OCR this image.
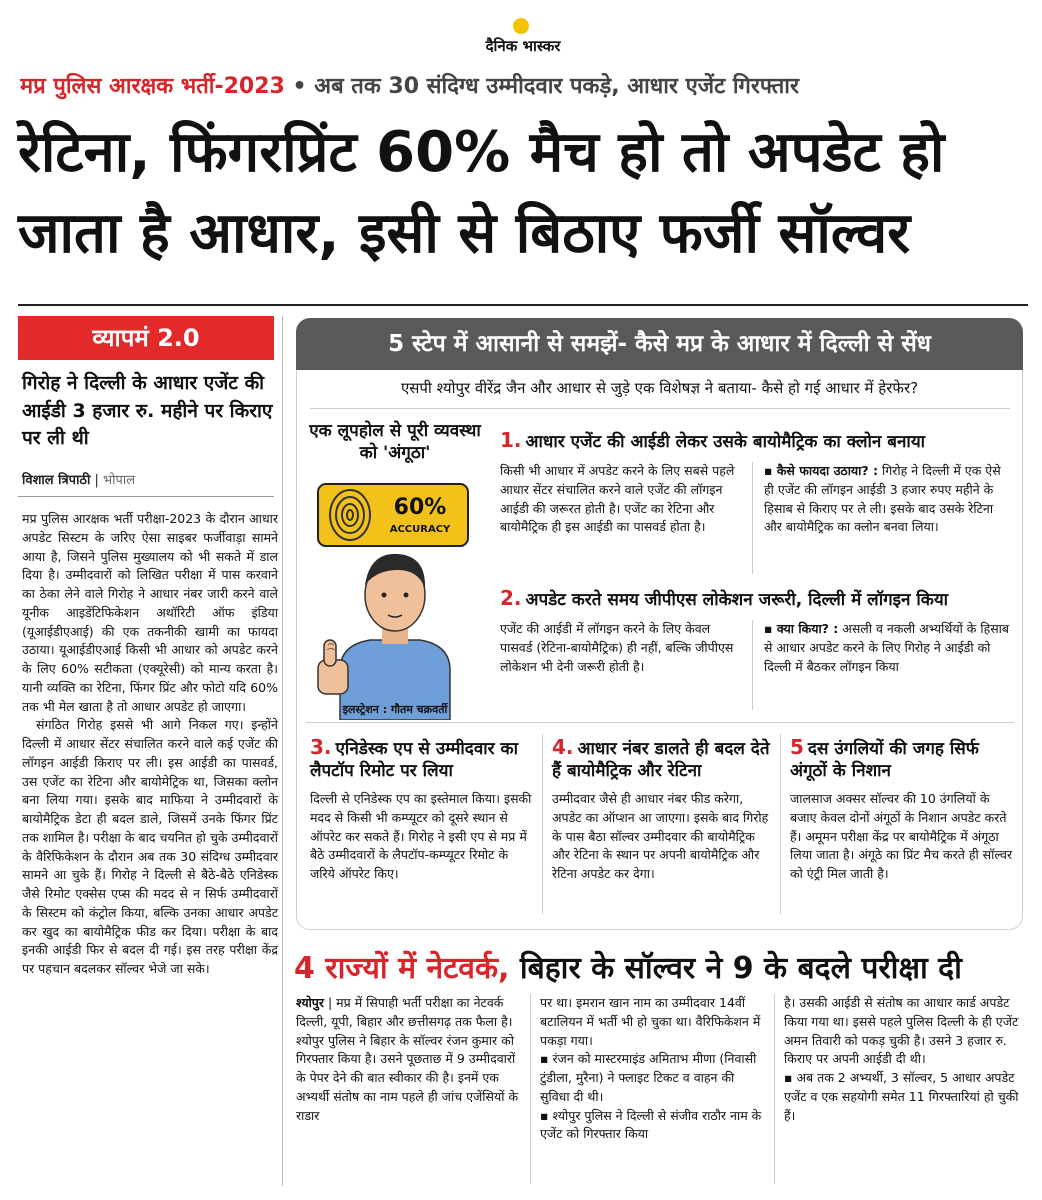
दैनिक भास्कर
मप्र पुलिस आरक्षक भर्ती-2023 • अब तक 30 संदिग्ध उम्मीदवार पकड़े, आधार एजेंट गिरफ्तार
रेटिना, फिंगरप्रिंट 60% मैच हो तो अपडेट हो
जाता है आधार, इसी से बिठाए फर्जी सॉल्वर
व्यापमं 2.0
गिरोह ने दिल्ली के आधार एजेंट की आईडी 3 हजार रु. महीने पर किराए पर ली थी
विशाल त्रिपाठी | भोपाल

मप्र पुलिस आरक्षक भर्ती परीक्षा-2023 के दौरान आधार अपडेट सिस्टम के जरिए ऐसा साइबर फर्जीवाड़ा सामने आया है, जिसने पुलिस मुख्यालय को भी सकते में डाल दिया है। उम्मीदवारों को लिखित परीक्षा में पास करवाने का ठेका लेने वाले गिरोह ने आधार नंबर जारी करने वाले यूनीक आइडेंटिफिकेशन अथॉरिटी ऑफ इंडिया (यूआईडीएआई) की एक तकनीकी खामी का फायदा उठाया। यूआईडीएआई किसी भी आधार को अपडेट करने के लिए 60% सटीकता (एक्यूरेसी) को मान्य करता है। यानी व्यक्ति का रेटिना, फिंगर प्रिंट और फोटो यदि 60% तक भी मेल खाता है तो आधार अपडेट हो जाएगा।

संगठित गिरोह इससे भी आगे निकल गए। इन्होंने दिल्ली में आधार सेंटर संचालित करने वाले कई एजेंट की लॉगइन आईडी किराए पर ली। इस आईडी का पासवर्ड, उस एजेंट का रेटिना और बायोमेट्रिक था, जिसका क्लोन बना लिया गया। इसके बाद माफिया ने उम्मीदवारों के बायोमैट्रिक डेटा ही बदल डाले, जिसमें उनके फिंगर प्रिंट तक शामिल है। परीक्षा के बाद चयनित हो चुके उम्मीदवारों के वैरिफिकेशन के दौरान अब तक 30 संदिग्ध उम्मीदवार सामने आ चुके हैं। गिरोह ने दिल्ली से बैठे-बैठे एनिडेस्क जैसे रिमोट एक्सेस एप्स की मदद से न सिर्फ उम्मीदवारों के सिस्टम को कंट्रोल किया, बल्कि उनका आधार अपडेट कर खुद का बायोमैट्रिक फीड कर दिया। परीक्षा के बाद इनकी आईडी फिर से बदल दी गई। इस तरह परीक्षा केंद्र पर पहचान बदलकर सॉल्वर भेजे जा सके।

5 स्टेप में आसानी से समझें- कैसे मप्र के आधार में दिल्ली से सेंध
एसपी श्योपुर वीरेंद्र जैन और आधार से जुड़े एक विशेषज्ञ ने बताया- कैसे हो गई आधार में हेरफेर?
एक लूपहोल से पूरी व्यवस्था को 'अंगूठा'
60%
ACCURACY
इलस्ट्रेशन : गौतम चक्रवर्ती
1. आधार एजेंट की आईडी लेकर उसके बायोमैट्रिक का क्लोन बनाया
किसी भी आधार में अपडेट करने के लिए सबसे पहले आधार सेंटर संचालित करने वाले एजेंट की लॉगइन आईडी की जरूरत होती है। एजेंट का रेटिना और बायोमैट्रिक ही इस आईडी का पासवर्ड होता है।
▪ कैसे फायदा उठाया? : गिरोह ने दिल्ली में एक ऐसे ही एजेंट की लॉगइन आईडी 3 हजार रुपए महीने के हिसाब से किराए पर ले ली। इसके बाद उसके रेटिना और बायोमैट्रिक का क्लोन बनवा लिया।
2. अपडेट करते समय जीपीएस लोकेशन जरूरी, दिल्ली में लॉगइन किया
एजेंट की आईडी में लॉगइन करने के लिए केवल पासवर्ड (रेटिना-बायोमैट्रिक) ही नहीं, बल्कि जीपीएस लोकेशन भी देनी जरूरी होती है।
▪ क्या किया? : असली व नकली अभ्यर्थियों के हिसाब से आधार अपडेट करने के लिए गिरोह ने आईडी को दिल्ली में बैठकर लॉगइन किया
3. एनिडेस्क एप से उम्मीदवार का लैपटॉप रिमोट पर लिया
दिल्ली से एनिडेस्क एप का इस्तेमाल किया। इसकी मदद से किसी भी कम्प्यूटर को दूसरे स्थान से ऑपरेट कर सकते हैं। गिरोह ने इसी एप से मप्र में बैठे उम्मीदवारों के लैपटॉप-कम्प्यूटर रिमोट के जरिये ऑपरेट किए।
4. आधार नंबर डालते ही बदल देते हैं बायोमैट्रिक और रेटिना
उम्मीदवार जैसे ही आधार नंबर फीड करेगा, अपडेट का ऑप्शन आ जाएगा। इसके बाद गिरोह के पास बैठा सॉल्वर उम्मीदवार की बायोमैट्रिक और रेटिना के स्थान पर अपनी बायोमैट्रिक और रेटिना अपडेट कर देगा।
5 दस उंगलियों की जगह सिर्फ अंगूठों के निशान
जालसाज अक्सर सॉल्वर की 10 उंगलियों के बजाए केवल दोनों अंगूठों के निशान अपडेट करते हैं। अमूमन परीक्षा केंद्र पर बायोमैट्रिक में अंगूठा लिया जाता है। अंगूठे का प्रिंट मैच करते ही सॉल्वर को एंट्री मिल जाती है।
4 राज्यों में नेटवर्क, बिहार के सॉल्वर ने 9 के बदले परीक्षा दी
श्योपुर | मप्र में सिपाही भर्ती परीक्षा का नेटवर्क दिल्ली, यूपी, बिहार और छत्तीसगढ़ तक फैला है। श्योपुर पुलिस ने बिहार के सॉल्वर रंजन कुमार को गिरफ्तार किया है। उसने पूछताछ में 9 उम्मीदवारों के पेपर देने की बात स्वीकार की है। इनमें एक अभ्यर्थी संतोष का नाम पहले ही जांच एजेंसियों के राडार
पर था। इमरान खान नाम का उम्मीदवार 14वीं बटालियन में भर्ती भी हो चुका था। वैरिफिकेशन में पकड़ा गया।
▪ रंजन को मास्टरमाइंड अमिताभ मीणा (निवासी टुंडीला, मुरैना) ने फ्लाइट टिकट व वाहन की सुविधा दी थी।
▪ श्योपुर पुलिस ने दिल्ली से संजीव राठौर नाम के एजेंट को गिरफ्तार किया
है। उसकी आईडी से संतोष का आधार कार्ड अपडेट किया गया था। इससे पहले पुलिस दिल्ली के ही एजेंट अमन तिवारी को पकड़ चुकी है। उसने 3 हजार रु. किराए पर अपनी आईडी दी थी।
▪ अब तक 2 अभ्यर्थी, 3 सॉल्वर, 5 आधार अपडेट एजेंट व एक सहयोगी समेत 11 गिरफ्तारियां हो चुकी हैं।
